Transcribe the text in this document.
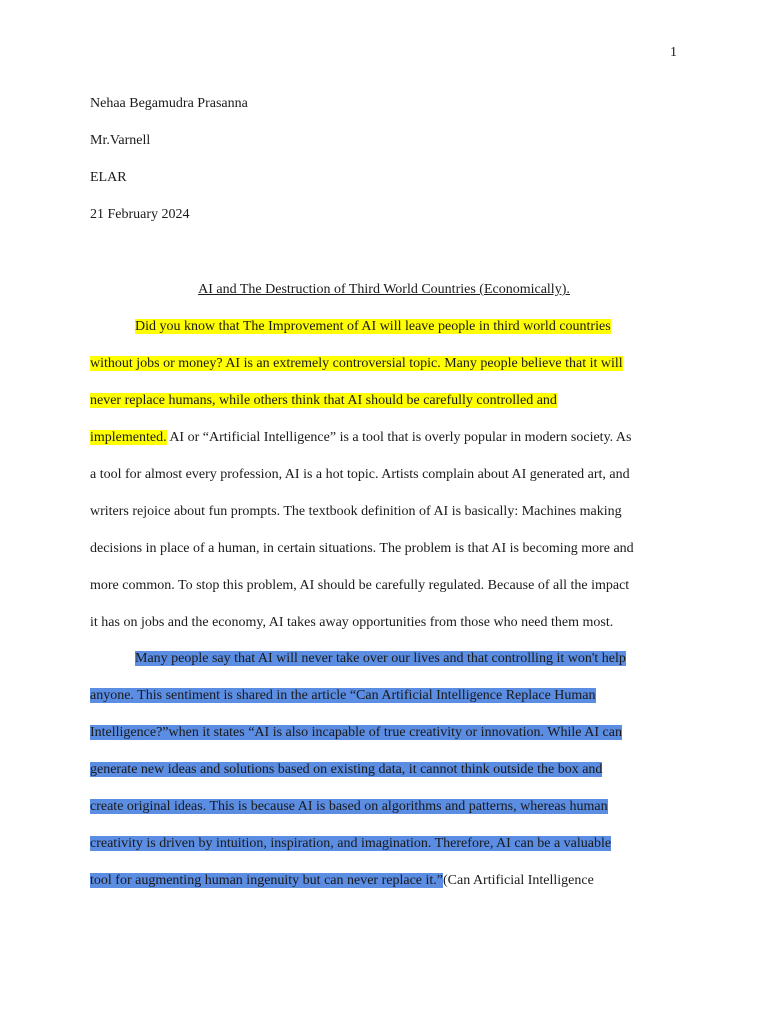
1
Nehaa Begamudra Prasanna
Mr.Varnell
ELAR
21 February 2024
AI and The Destruction of Third World Countries (Economically).
Did you know that The Improvement of AI will leave people in third world countries
without jobs or money? AI is an extremely controversial topic. Many people believe that it will
never replace humans, while others think that AI should be carefully controlled and
implemented. AI or “Artificial Intelligence” is a tool that is overly popular in modern society. As
a tool for almost every profession, AI is a hot topic. Artists complain about AI generated art, and
writers rejoice about fun prompts. The textbook definition of AI is basically: Machines making
decisions in place of a human, in certain situations. The problem is that AI is becoming more and
more common. To stop this problem, AI should be carefully regulated. Because of all the impact
it has on jobs and the economy, AI takes away opportunities from those who need them most.
Many people say that AI will never take over our lives and that controlling it won't help
anyone. This sentiment is shared in the article “Can Artificial Intelligence Replace Human
Intelligence?”when it states “AI is also incapable of true creativity or innovation. While AI can
generate new ideas and solutions based on existing data, it cannot think outside the box and
create original ideas. This is because AI is based on algorithms and patterns, whereas human
creativity is driven by intuition, inspiration, and imagination. Therefore, AI can be a valuable
tool for augmenting human ingenuity but can never replace it.”(Can Artificial Intelligence
